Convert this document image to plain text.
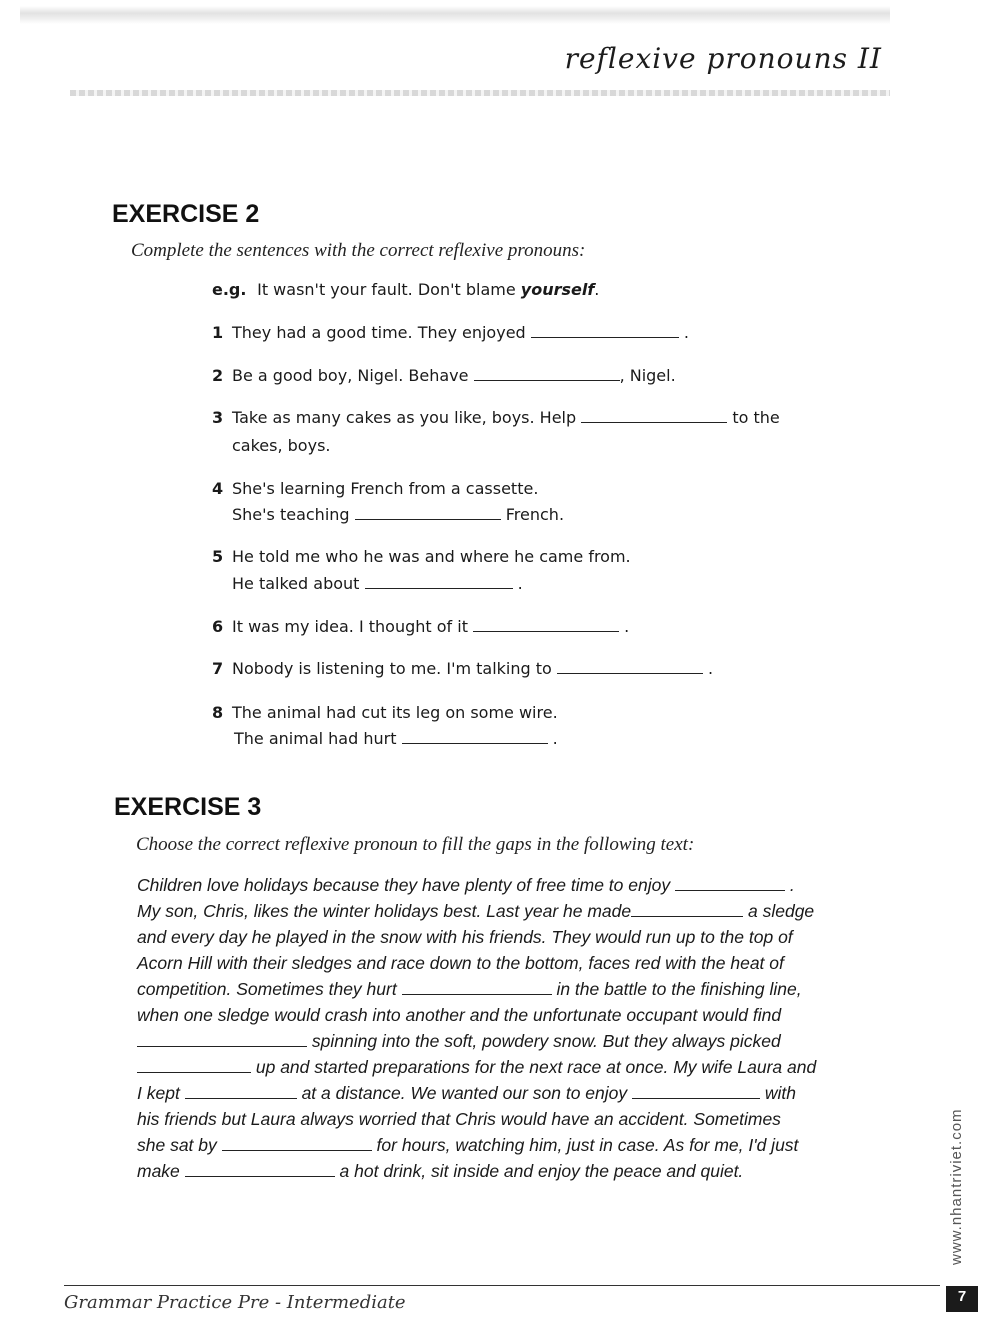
reflexive pronouns II
EXERCISE 2
Complete the sentences with the correct reflexive pronouns:
e.g. It wasn't your fault. Don't blame yourself.
1 They had a good time. They enjoyed	.
2 Be a good boy, Nigel. Behave	, Nigel.
3 Take as many cakes as you like, boys. Help	to the
cakes, boys.
4 She's learning French from a cassette.
She's teaching	French.
5 He told me who he was and where he came from.
He talked about	.
6 It was my idea. I thought of it	.
7 Nobody is listening to me. I'm talking to	.
8 The animal had cut its leg on some wire.
The animal had hurt	.
EXERCISE 3
Choose the correct reflexive pronoun to fill the gaps in the following text:
Children love holidays because they have plenty of free time to enjoy	.
My son, Chris, likes the winter holidays best. Last year he made	a sledge
and every day he played in the snow with his friends. They would run up to the top of
Acorn Hill with their sledges and race down to the bottom, faces red with the heat of
competition. Sometimes they hurt	in the battle to the finishing line,
when one sledge would crash into another and the unfortunate occupant would find
spinning into the soft, powdery snow. But they always picked
up and started preparations for the next race at once. My wife Laura and
I kept	at a distance. We wanted our son to enjoy	with
his friends but Laura always worried that Chris would have an accident. Sometimes
she sat by	for hours, watching him, just in case. As for me, I'd just
make	a hot drink, sit inside and enjoy the peace and quiet.	www.nhantriviet.com
Grammar Practice Pre - Intermediate	7
